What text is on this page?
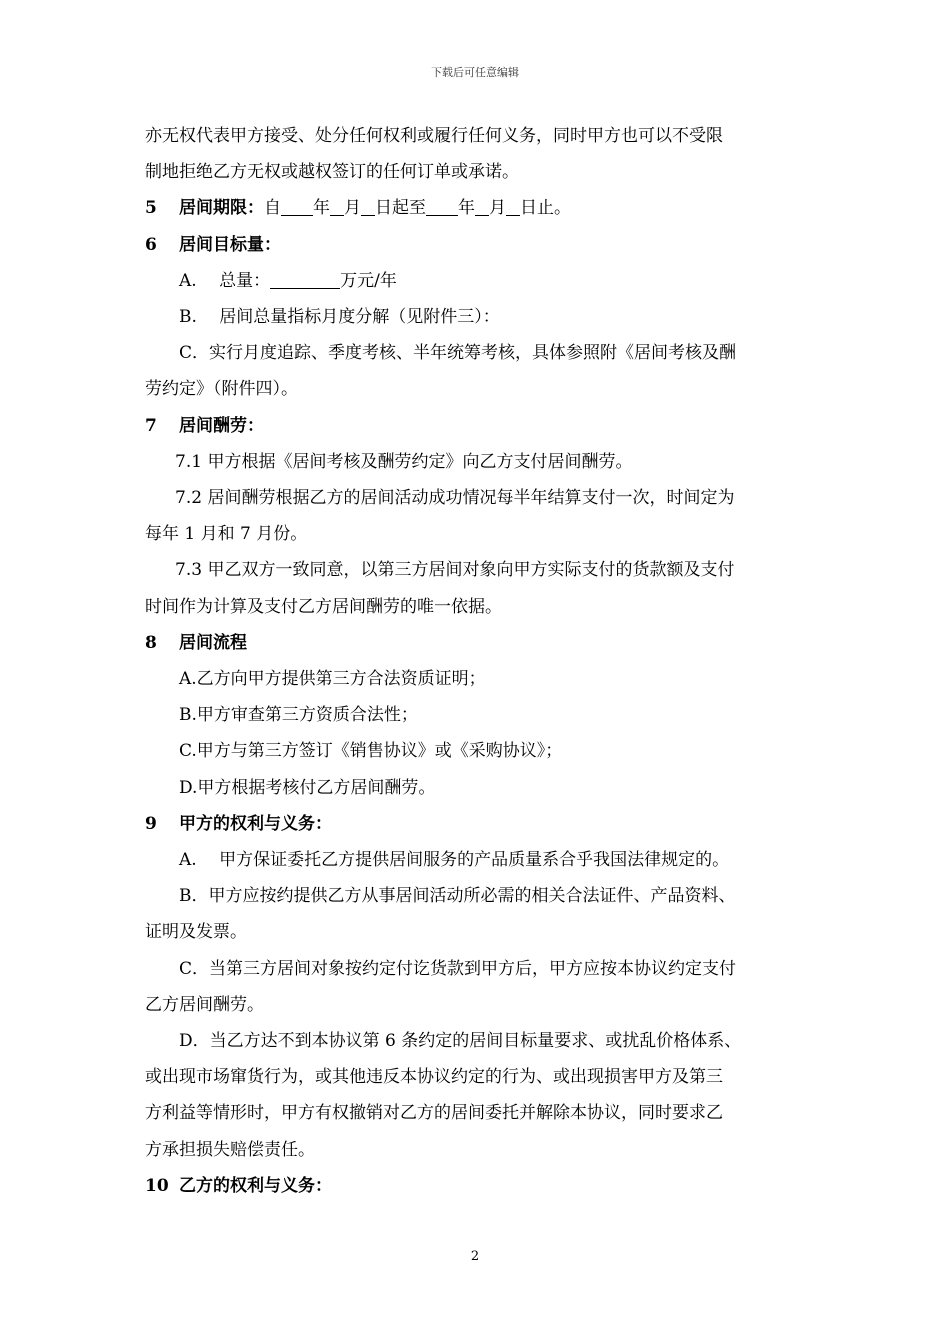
下载后可任意编辑

亦无权代表甲方接受、处分任何权利或履行任何义务，同时甲方也可以不受限

制地拒绝乙方无权或越权签订的任何订单或承诺。

5 居间期限：自 年 月 日起至 年 月 日止。

6 居间目标量：

A.　 总量：	万元/年

B.　 居间总量指标月度分解（见附件三）：

C．实行月度追踪、季度考核、半年统筹考核，具体参照附《居间考核及酬

劳约定》（附件四）。

7 居间酬劳：

7.1 甲方根据《居间考核及酬劳约定》向乙方支付居间酬劳。

7.2 居间酬劳根据乙方的居间活动成功情况每半年结算支付一次，时间定为

每年 1 月和 7 月份。

7.3 甲乙双方一致同意，以第三方居间对象向甲方实际支付的货款额及支付

时间作为计算及支付乙方居间酬劳的唯一依据。

8 居间流程

A.乙方向甲方提供第三方合法资质证明；

B.甲方审查第三方资质合法性；

C.甲方与第三方签订《销售协议》或《采购协议》；

D.甲方根据考核付乙方居间酬劳。

9 甲方的权利与义务：

A.　 甲方保证委托乙方提供居间服务的产品质量系合乎我国法律规定的。

B．甲方应按约提供乙方从事居间活动所必需的相关合法证件、产品资料、

证明及发票。

C．当第三方居间对象按约定付讫货款到甲方后，甲方应按本协议约定支付

乙方居间酬劳。

D．当乙方达不到本协议第 6 条约定的居间目标量要求、或扰乱价格体系、

或出现市场窜货行为，或其他违反本协议约定的行为、或出现损害甲方及第三

方利益等情形时，甲方有权撤销对乙方的居间委托并解除本协议，同时要求乙

方承担损失赔偿责任。

10 乙方的权利与义务：

2
